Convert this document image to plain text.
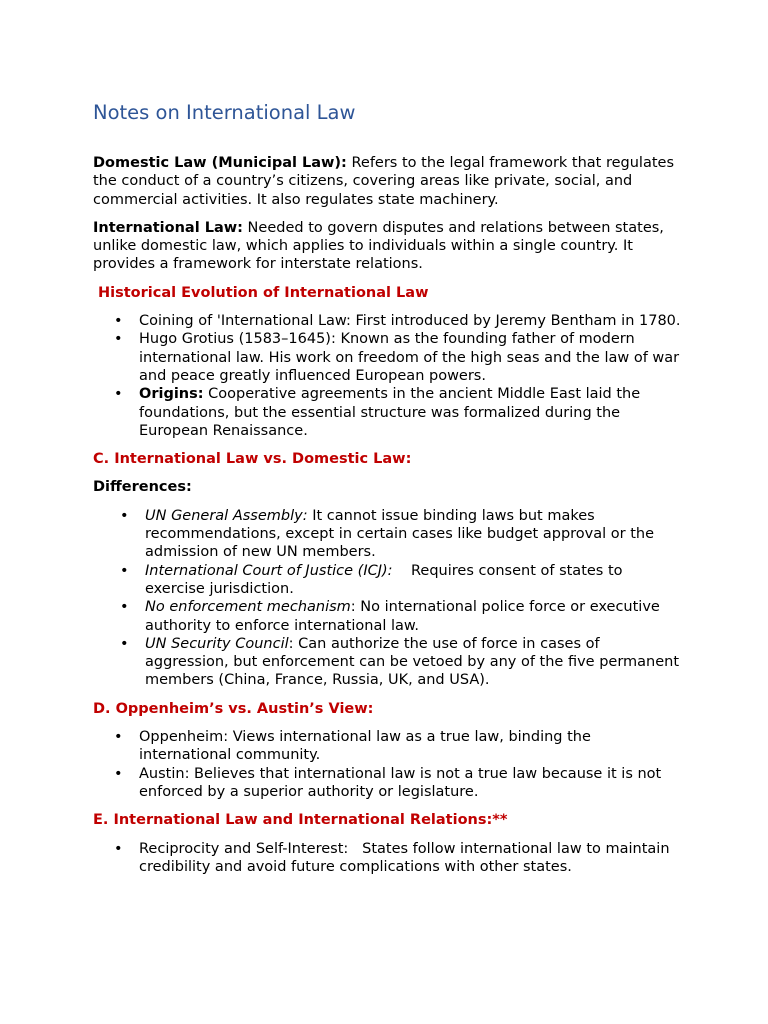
Notes on International Law

Domestic Law (Municipal Law): Refers to the legal framework that regulates the conduct of a country’s citizens, covering areas like private, social, and commercial activities. It also regulates state machinery.

International Law: Needed to govern disputes and relations between states, unlike domestic law, which applies to individuals within a single country. It provides a framework for interstate relations.

Historical Evolution of International Law
• Coining of 'International Law: First introduced by Jeremy Bentham in 1780.
• Hugo Grotius (1583–1645): Known as the founding father of modern international law. His work on freedom of the high seas and the law of war and peace greatly influenced European powers.
• Origins: Cooperative agreements in the ancient Middle East laid the foundations, but the essential structure was formalized during the European Renaissance.
C. International Law vs. Domestic Law:

Differences:

• UN General Assembly: It cannot issue binding laws but makes recommendations, except in certain cases like budget approval or the admission of new UN members.
• International Court of Justice (ICJ):    Requires consent of states to exercise jurisdiction.
• No enforcement mechanism: No international police force or executive authority to enforce international law.
• UN Security Council: Can authorize the use of force in cases of aggression, but enforcement can be vetoed by any of the five permanent members (China, France, Russia, UK, and USA).
D. Oppenheim’s vs. Austin’s View:
• Oppenheim: Views international law as a true law, binding the international community.
• Austin: Believes that international law is not a true law because it is not enforced by a superior authority or legislature.
E. International Law and International Relations:**
• Reciprocity and Self-Interest:   States follow international law to maintain credibility and avoid future complications with other states.
